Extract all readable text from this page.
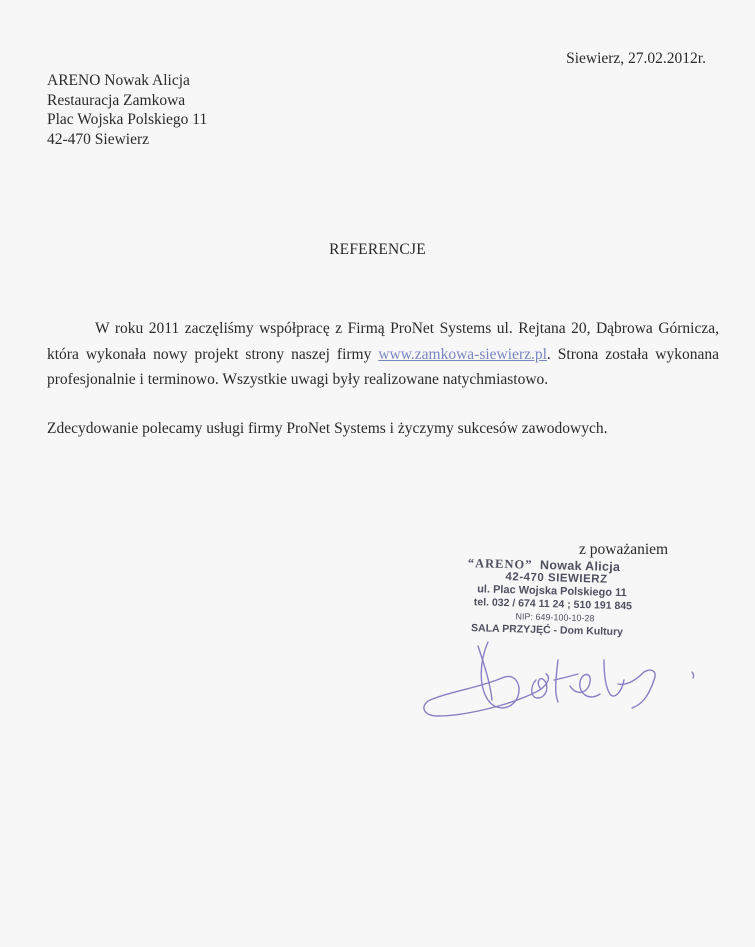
Siewierz, 27.02.2012r.
ARENO Nowak Alicja
Restauracja Zamkowa
Plac Wojska Polskiego 11
42-470 Siewierz
REFERENCJE

W roku 2011 zaczęliśmy współpracę z Firmą ProNet Systems ul. Rejtana 20, Dąbrowa Górnicza, która wykonała nowy projekt strony naszej firmy www.zamkowa-siewierz.pl. Strona została wykonana profesjonalnie i terminowo. Wszystkie uwagi były realizowane natychmiastowo.

Zdecydowanie polecamy usługi firmy ProNet Systems i życzymy sukcesów zawodowych.

z poważaniem
“ARENO” Nowak Alicja
42-470 SIEWIERZ
ul. Plac Wojska Polskiego 11
tel. 032 / 674 11 24 ; 510 191 845
NIP: 649-100-10-28
SALA PRZYJĘĆ - Dom Kultury
